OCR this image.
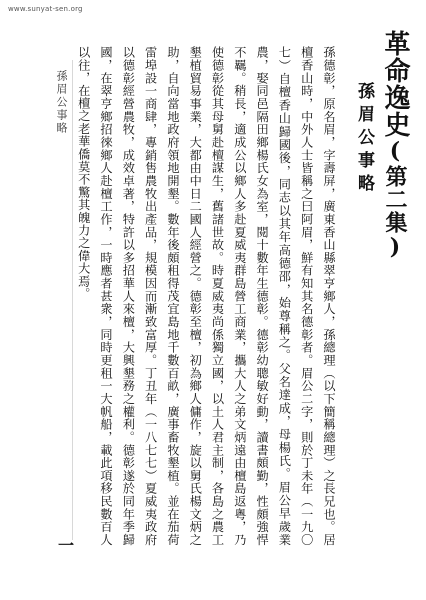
www.sunyat-sen.org
革命逸史(第二集)
孫眉公事略

孫德彰，原名眉，字壽屏，廣東香山縣翠亨鄉人，孫總理（以下簡稱總理）之長兄也。居檀香山時，中外人士皆稱之曰阿眉，鮮有知其名德彰者。眉公二字，則於丁未年（一九〇七）自檀香山歸國後，同志以其年高德邵，始尊稱之。父名達成，母楊氏。眉公早歲業農，娶同邑隔田鄉楊氏女為室，閱十數年生德彰。德彰幼聰敏好動，讀書頗勤，性頗強悍不羈。稍長，適成公以鄉人多赴夏威夷群島營工商業，攜大人之弟文炳遠由檀島返粵，乃使德彰從其母舅赴檀謀生，舊諸世故。時夏威夷尚係獨立國，以土人君主制，各島之農工墾植貿易事業，大都由中日二國人經營之。德彰至檀，初為鄉人傭作，旋以舅氏楊文炳之助，自向當地政府領地開墾。數年後頗租得茂宜島地千數百畝，廣事畜牧墾植。並在茄荷雷埠設一商肆，專銷售農牧出產品，規模因而漸致富厚。丁丑年（一八七七）夏威夷政府以德彰經營農牧，成效卓著，特許以多招華人來檀，大興墾務之權利。德彰遂於同年季歸國，在翠亨鄉招徠鄉人赴檀工作，一時應者甚衆，同時更租一大帆船，載此項移民數百人以往，在檀之老華僑莫不驚其魄力之偉大焉。

孫眉公事略
一
